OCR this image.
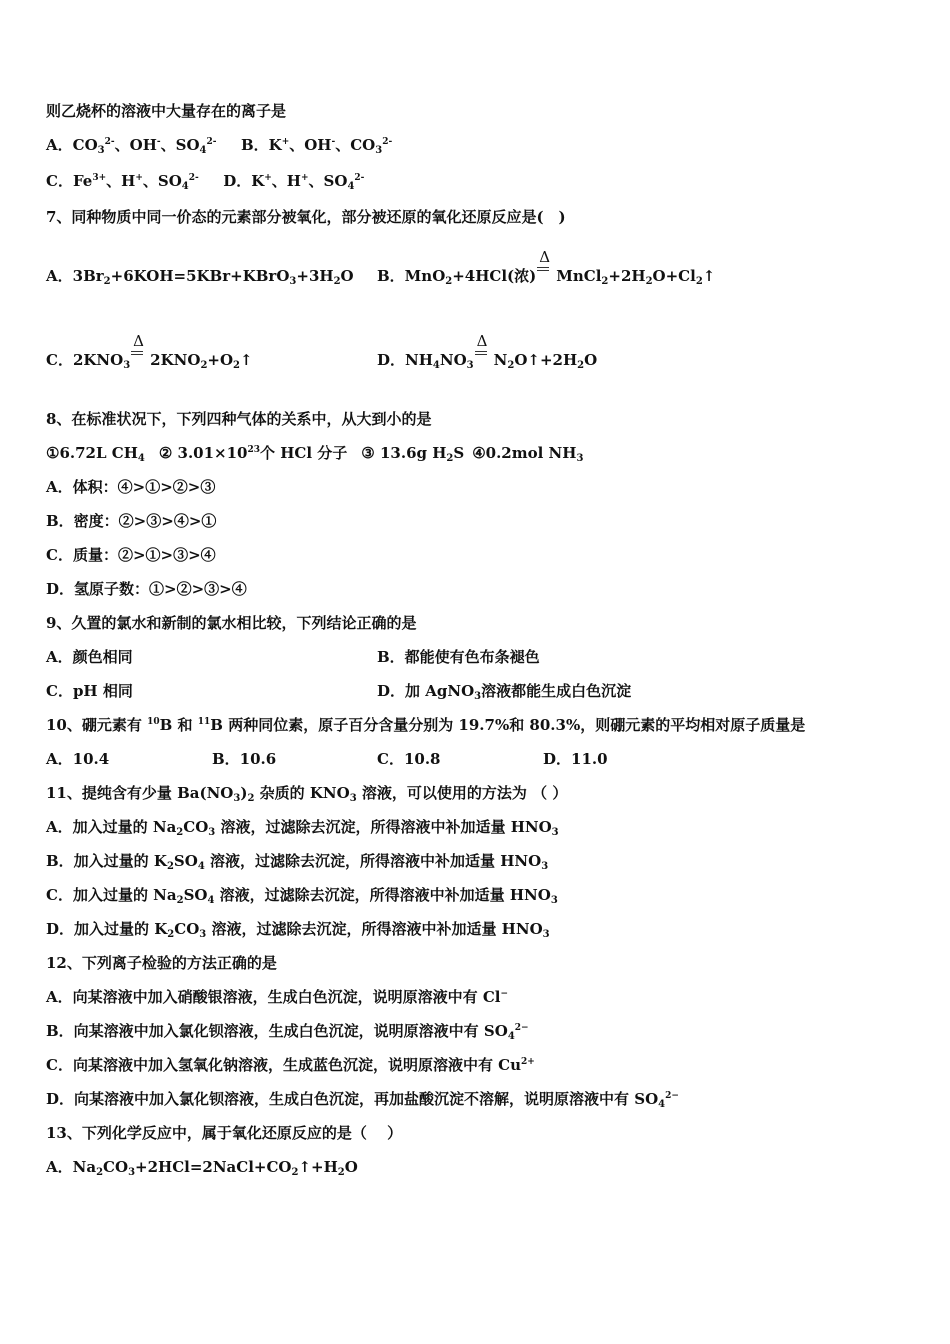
则乙烧杯的溶液中大量存在的离子是
A．$CO_3^{2-}$、OH-、$SO_4^{2-}$ B．K+、OH-、$CO_3^{2-}$
C．$Fe^{3+}$、H+、$SO_4^{2-}$ D．K+、H+、$SO_4^{2-}$
7、同种物质中同一价态的元素部分被氧化，部分被还原的氧化还原反应是(　)
A．$3Br_2+6KOH=5KBr+KBrO_3+3H_2O$ B．MnO$_2$+4HCl(浓)
Δ
$MnCl_2+2H_2O+Cl_2↑$
C．$2KNO_3$
Δ
$2KNO_2+O_2↑$	D．$NH_4NO_3$
Δ
$N_2O↑+2H_2O$
8、在标准状况下，下列四种气体的关系中，从大到小的是
①6.72L $CH_4$ ② $3.01\times 10^{23}$个 HCl 分子 ③ 13.6g $H_2S$ ④0.2mol $NH_3$
A．体积：④>①>②>③
B．密度：②>③>④>①
C．质量：②>①>③>④
D．氢原子数：①>②>③>④
9、久置的氯水和新制的氯水相比较，下列结论正确的是
A．颜色相同	B．都能使有色布条褪色
C．pH 相同	D．加 AgNO$_3$溶液都能生成白色沉淀
10、硼元素有 $^{10}$B 和 $^{11}$B 两种同位素，原子百分含量分别为 19.7%和 80.3%，则硼元素的平均相对原子质量是
A．10.4	B．10.6	C．10.8	D．11.0
11、提纯含有少量 $Ba(NO_3)_2$ 杂质的 $KNO_3$ 溶液，可以使用的方法为 （ ）
A．加入过量的 $Na_2CO_3$ 溶液，过滤除去沉淀，所得溶液中补加适量 $HNO_3$
B．加入过量的 $K_2SO_4$ 溶液，过滤除去沉淀，所得溶液中补加适量 $HNO_3$
C．加入过量的 $Na_2SO_4$ 溶液，过滤除去沉淀，所得溶液中补加适量 $HNO_3$
D．加入过量的 $K_2CO_3$ 溶液，过滤除去沉淀，所得溶液中补加适量 $HNO_3$
12、下列离子检验的方法正确的是
A．向某溶液中加入硝酸银溶液，生成白色沉淀，说明原溶液中有 Cl−
B．向某溶液中加入氯化钡溶液，生成白色沉淀，说明原溶液中有 $SO_4^{2-}$
C．向某溶液中加入氢氧化钠溶液，生成蓝色沉淀，说明原溶液中有 $Cu^{2+}$
D．向某溶液中加入氯化钡溶液，生成白色沉淀，再加盐酸沉淀不溶解，说明原溶液中有 $SO_4^{2-}$
13、下列化学反应中，属于氧化还原反应的是（　 ）
A．$Na_2CO_3+2HCl=2NaCl+CO_2↑+H_2O$
